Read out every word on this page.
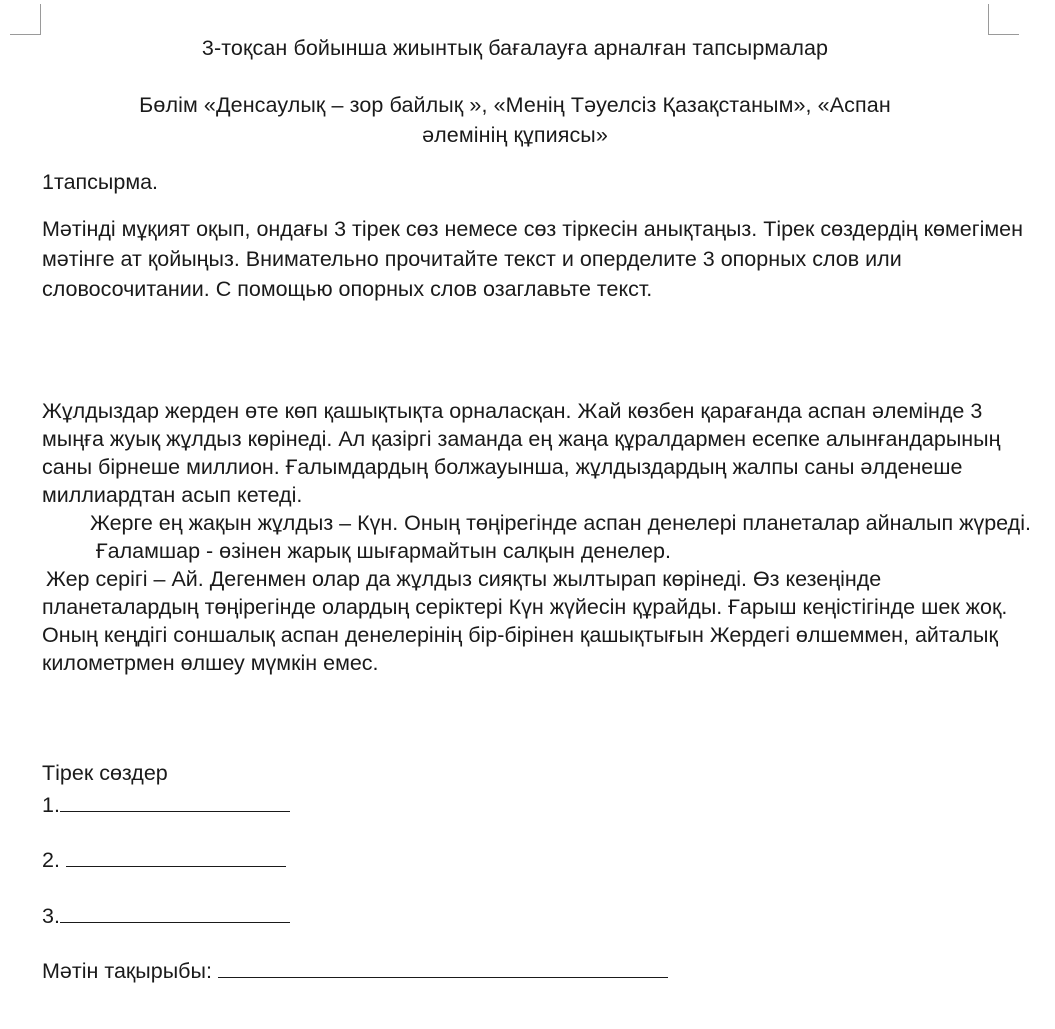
3-тоқсан бойынша жиынтық бағалауға арналған тапсырмалар
Бөлім «Денсаулық – зор байлық », «Менің Тәуелсіз Қазақстаным», «Аспан
әлемінің құпиясы»
1тапсырма.

Мәтінді мұқият оқып, ондағы 3 тірек сөз немесе сөз тіркесін анықтаңыз. Тірек сөздердің көмегімен мәтінге ат қойыңыз. Внимательно прочитайте текст и оперделите 3 опорных слов или словосочитании. С помощью опорных слов озаглавьте текст.

Жұлдыздар жерден өте көп қашықтықта орналасқан. Жай көзбен қарағанда аспан әлемінде 3 мыңға жуық жұлдыз көрінеді. Ал қазіргі заманда ең жаңа құралдармен есепке алынғандарының саны бірнеше миллион. Ғалымдардың болжауынша, жұлдыздардың жалпы саны әлденеше миллиардтан асып кетеді.

Жерге ең жақын жұлдыз – Күн. Оның төңірегінде аспан денелері планеталар айналып жүреді.

Ғаламшар - өзінен жарық шығармайтын салқын денелер.

Жер серігі – Ай. Дегенмен олар да жұлдыз сияқты жылтырап көрінеді. Өз кезеңінде планеталардың төңірегінде олардың серіктері Күн жүйесін құрайды. Ғарыш кеңістігінде шек жоқ. Оның кеңдігі соншалық аспан денелерінің бір-бірінен қашықтығын Жердегі өлшеммен, айталық километрмен өлшеу мүмкін емес.

Тірек сөздер
1.
2.
3.
Мәтін тақырыбы:
